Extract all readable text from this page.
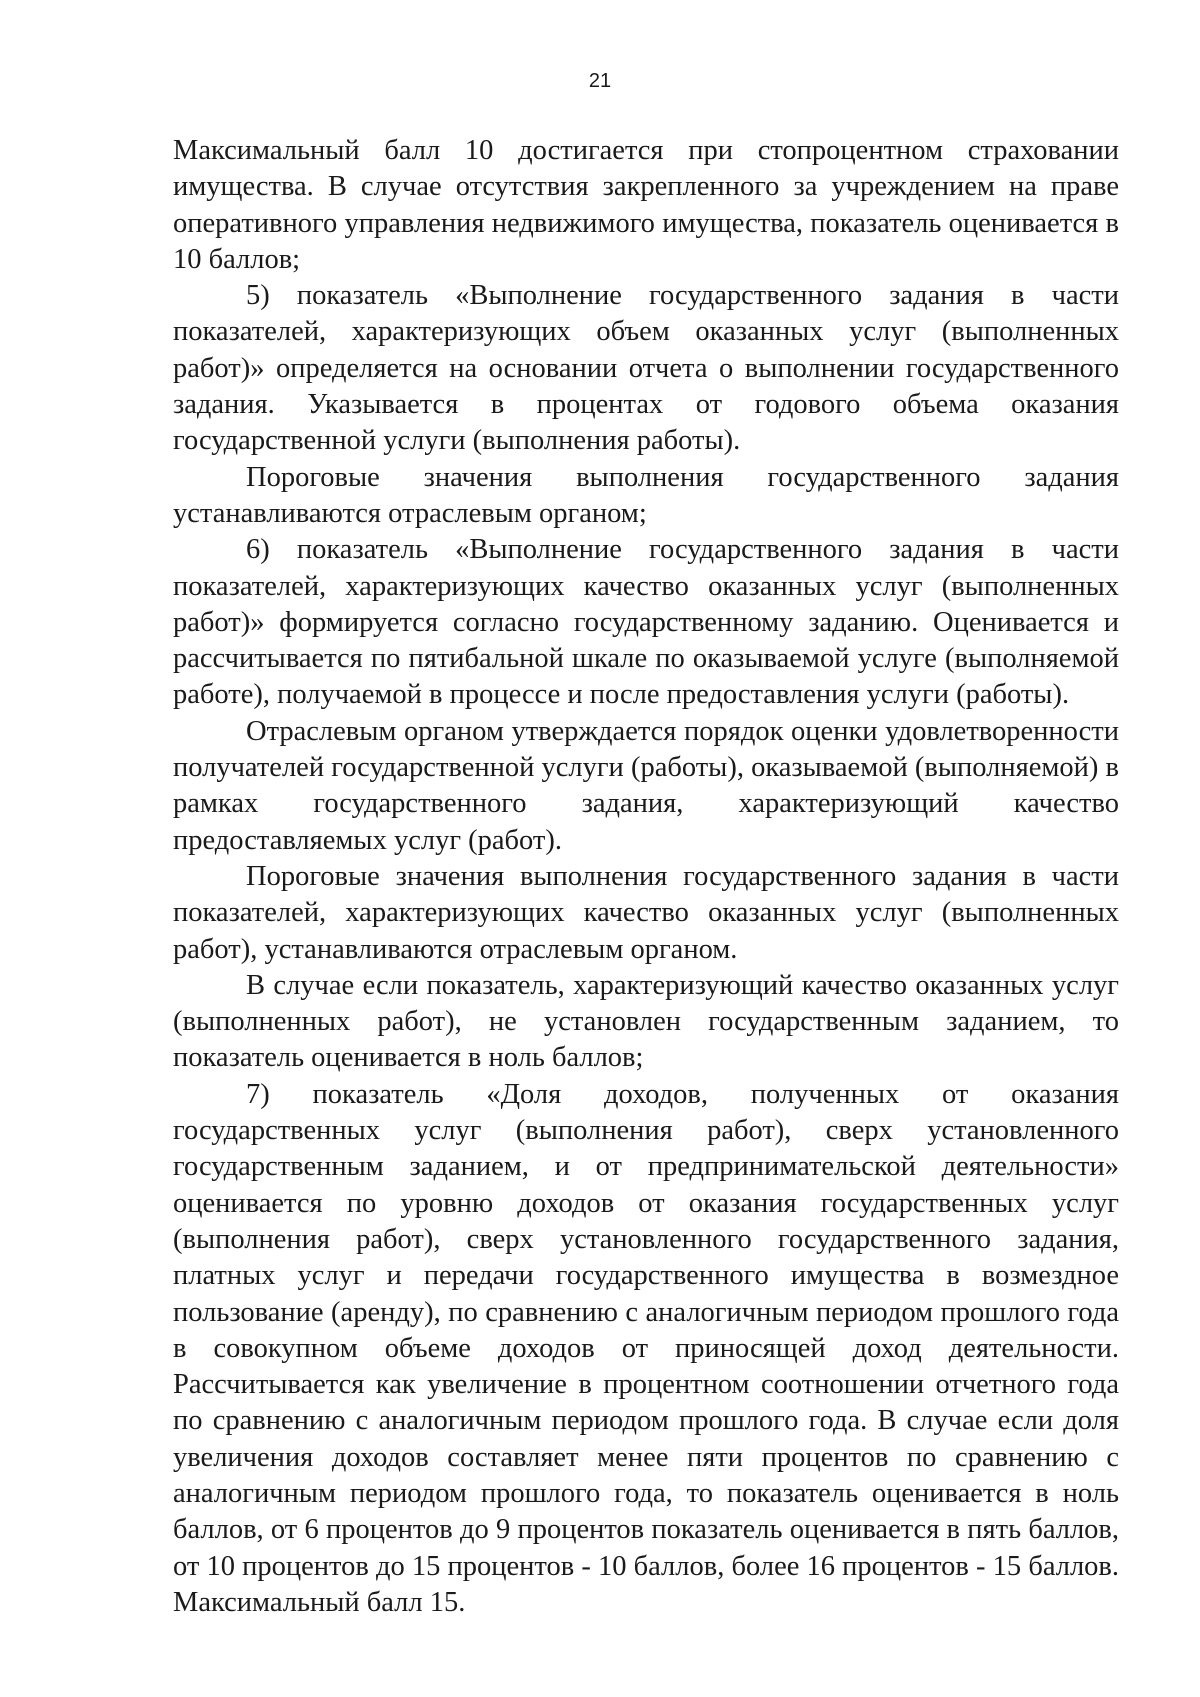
21

Максимальный балл 10 достигается при стопроцентном страховании имущества. В случае отсутствия закрепленного за учреждением на праве оперативного управления недвижимого имущества, показатель оценивается в 10 баллов;

5) показатель «Выполнение государственного задания в части показателей, характеризующих объем оказанных услуг (выполненных работ)» определяется на основании отчета о выполнении государственного задания. Указывается в процентах от годового объема оказания государственной услуги (выполнения работы).

Пороговые значения выполнения государственного задания устанавливаются отраслевым органом;

6) показатель «Выполнение государственного задания в части показателей, характеризующих качество оказанных услуг (выполненных работ)» формируется согласно государственному заданию. Оценивается и рассчитывается по пятибальной шкале по оказываемой услуге (выполняемой работе), получаемой в процессе и после предоставления услуги (работы).

Отраслевым органом утверждается порядок оценки удовлетворенности получателей государственной услуги (работы), оказываемой (выполняемой) в рамках государственного задания, характеризующий качество предоставляемых услуг (работ).

Пороговые значения выполнения государственного задания в части показателей, характеризующих качество оказанных услуг (выполненных работ), устанавливаются отраслевым органом.

В случае если показатель, характеризующий качество оказанных услуг (выполненных работ), не установлен государственным заданием, то показатель оценивается в ноль баллов;

7) показатель «Доля доходов, полученных от оказания государственных услуг (выполнения работ), сверх установленного государственным заданием, и от предпринимательской деятельности» оценивается по уровню доходов от оказания государственных услуг (выполнения работ), сверх установленного государственного задания, платных услуг и передачи государственного имущества в возмездное пользование (аренду), по сравнению с аналогичным периодом прошлого года в совокупном объеме доходов от приносящей доход деятельности. Рассчитывается как увеличение в процентном соотношении отчетного года по сравнению с аналогичным периодом прошлого года. В случае если доля увеличения доходов составляет менее пяти процентов по сравнению с аналогичным периодом прошлого года, то показатель оценивается в ноль баллов, от 6 процентов до 9 процентов показатель оценивается в пять баллов, от 10 процентов до 15 процентов - 10 баллов, более 16 процентов - 15 баллов. Максимальный балл 15.
